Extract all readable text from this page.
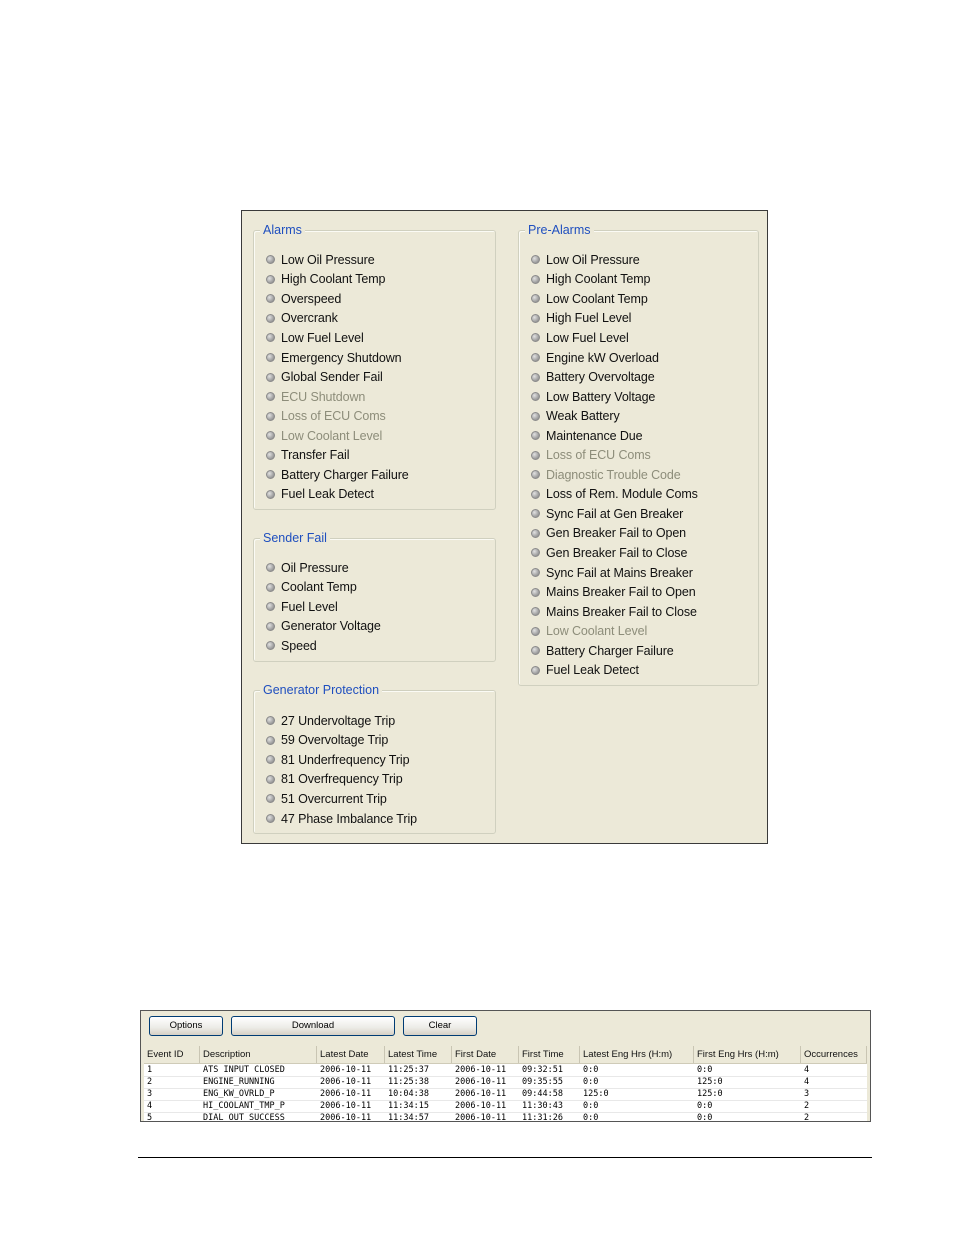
Alarms
Low Oil Pressure
High Coolant Temp
Overspeed
Overcrank
Low Fuel Level
Emergency Shutdown
Global Sender Fail
ECU Shutdown
Loss of ECU Coms
Low Coolant Level
Transfer Fail
Battery Charger Failure
Fuel Leak Detect
Sender Fail
Oil Pressure
Coolant Temp
Fuel Level
Generator Voltage
Speed
Generator Protection
27 Undervoltage Trip
59 Overvoltage Trip
81 Underfrequency Trip
81 Overfrequency Trip
51 Overcurrent Trip
47 Phase Imbalance Trip
Pre-Alarms
Low Oil Pressure
High Coolant Temp
Low Coolant Temp
High Fuel Level
Low Fuel Level
Engine kW Overload
Battery Overvoltage
Low Battery Voltage
Weak Battery
Maintenance Due
Loss of ECU Coms
Diagnostic Trouble Code
Loss of Rem. Module Coms
Sync Fail at Gen Breaker
Gen Breaker Fail to Open
Gen Breaker Fail to Close
Sync Fail at Mains Breaker
Mains Breaker Fail to Open
Mains Breaker Fail to Close
Low Coolant Level
Battery Charger Failure
Fuel Leak Detect
Options	Download	Clear
Event ID	Description	Latest Date	Latest Time	First Date	First Time	Latest Eng Hrs (H:m)	First Eng Hrs (H:m)	Occurrences
1	ATS INPUT CLOSED	2006-10-11	11:25:37	2006-10-11	09:32:51	0:0	0:0	4
2	ENGINE_RUNNING	2006-10-11	11:25:38	2006-10-11	09:35:55	0:0	125:0	4
3	ENG_KW_OVRLD_P	2006-10-11	10:04:38	2006-10-11	09:44:58	125:0	125:0	3
4	HI_COOLANT_TMP_P	2006-10-11	11:34:15	2006-10-11	11:30:43	0:0	0:0	2
5	DIAL_OUT_SUCCESS	2006-10-11	11:34:57	2006-10-11	11:31:26	0:0	0:0	2
